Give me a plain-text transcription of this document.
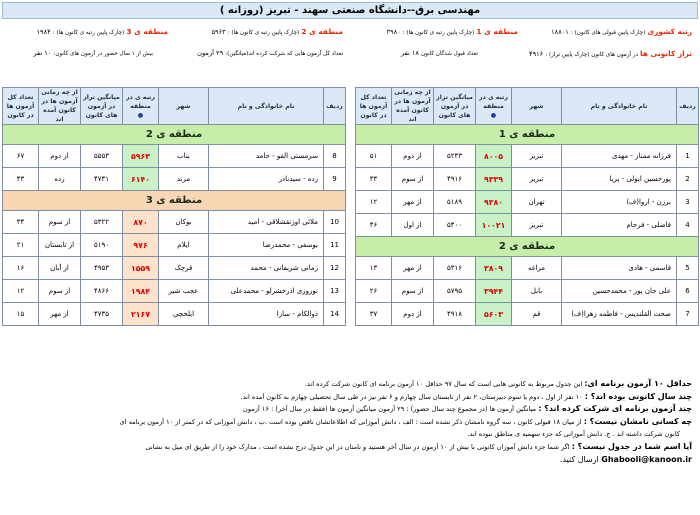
مهندسی برق--دانشگاه صنعتی سهند - تبریز (روزانه )
رتبه کشوری (چارک پایین قبولی های کانون) : ۱۸۸۰۱
منطقه ی 1 (چارک پایین رتبه ی کانون ها) : ۳۹۸۰
منطقه ی 2 (چارک پایین رتبه ی کانون ها) : ۵۹۶۳
منطقه ی 3 (چارک پایین رتبه ی کانون ها) : ۱۹۸۴
تراز کانونی ها در آزمون های کانون (چارک پایین تراز) : ۴۹۱۶
تعداد قبول شدگان کانون ۱۸ نفر
تعداد کل آزمون هایی که شرکت کرده اند(میانگین): ۲۹ آزمون
بیش از ۱ سال حضور در آزمون های کانون: ۱۰ نفر
ردیف	نام خانوادگی و نام	شهر	رتبه ی در منطقه
●	میانگین تراز در آزمون های کانون	از چه زمانی آزمون ها در کانون آمده اند	تعداد کل آزمون ها در کانون
منطقه ی 1						
1	فرزانه ممتاز - مهدی	تبریز	۸۰۰۵	۵۲۴۳	از دوم	۵۱
2	پورحسین ایولی - پریا	تبریز	۹۳۳۹	۴۹۱۶	از سوم	۳۳
3	برزن - اروا(ف)	تهران	۹۳۸۰	۵۱۸۹	از مهر	۱۲
4	فاضلی - فرجام	تبریز	۱۰۰۲۱	۵۴۰۰	از اول	۴۶
منطقه ی 2						
5	قاسمی - هادی	مراغه	۳۸۰۹	۵۳۱۶	از مهر	۱۳
6	علی جان پور - محمدحسین	بابل	۳۹۴۴	۵۷۹۵	از سوم	۲۶
7	صحت القلندیس - فاطمه زهرا(ف)	قم	۵۶۰۳	۴۹۱۸	از دوم	۳۷
ردیف	نام خانوادگی و نام	شهر	رتبه ی در منطقه
●	میانگین تراز در آزمون های کانون	از چه زمانی آزمون ها در کانون آمده اند	تعداد کل آزمون ها در کانون
منطقه ی 2						
8	سرمستی الفو - حامد	بناب	۵۹۶۳	۵۵۵۳	از دوم	۶۷
9	رده - سیدنادر	مرند	۶۱۴۰	۴۷۳۱	رده	۴۳
منطقه ی 3						
10	ملائی اوزنقشلاقی - امید	بوکان	۸۷۰	۵۳۲۲	از سوم	۳۴
11	یوسفی - محمدرضا	ایلام	۹۷۶	۵۱۹۰	از تابستان	۲۱
12	زمانی شریفانی - محمد	قرچک	۱۵۵۹	۴۹۵۳	از آبان	۱۶
13	نوروزی اذرخشرلو - محمدعلی	عجب شیر	۱۹۸۴	۴۸۶۶	از سوم	۱۲
14	ذوالکام - سارا	ایلخچی	۲۱۶۷	۴۷۳۵	از مهر	۱۵
حداقل ۱۰ آزمون برنامه ای: این جدول مربوط به کانونی هایی است که سال ۹۷ حداقل ۱۰ آزمون برنامه ای کانون شرکت کرده اند.
چند سال کانونی بوده اند؟ : ۱۰ نفر از اول ، دوم یا سوم دبیرستان، ۲ نفر از تابستان سال چهارم و ۶ نفر نیز در طی سال تحصیلی چهارم به کانون آمده اند.
چند آزمون برنامه ای شرکت کرده اند؟ : میانگین آزمون ها (در مجموع چند سال حضور) : ۲۹ آزمون میانگین آزمون ها (فقط در سال آخر) : ۱۶ آزمون
چه کسانی نامشان نیست؟ : از میان ۱۸ قبولی کانون ، سه گروه نامشان ذکر نشده است : الف ، دانش آموزانی که اطلاعاتشان ناقص بوده است .ب ، دانش آموزانی که در کمتر از ۱۰ آزمون برنامه ای
کانون شرکت داشته اند . ج. دانش آموزانی که جزء سهمیه ی مناطق نبوده اند.
آیا اسم شما در جدول نیست؟ : اگر شما جزء دانش آموزان کانونی با بیش از ۱۰ آزمون در سال آخر هستید و نامتان در این جدول درج نشده است ، مدارک خود را از طریق ای میل به نشانی
Ghabooli@kanoon.ir ارسال کنید.
